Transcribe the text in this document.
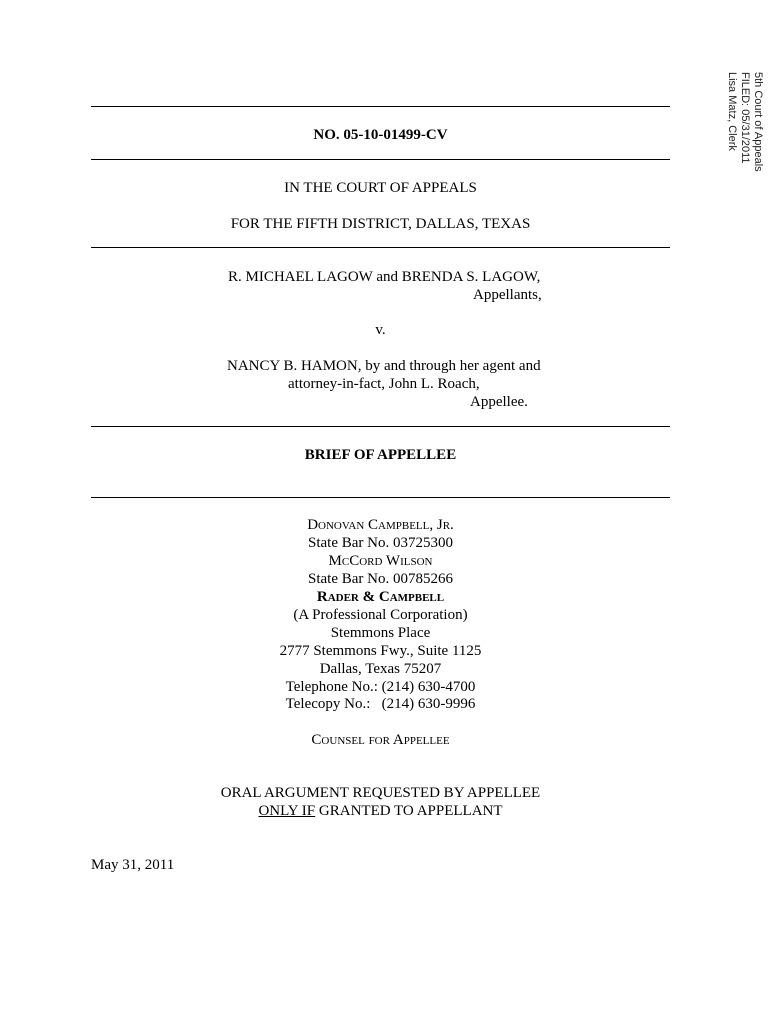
5th Court of Appeals
FILED: 05/31/2011
Lisa Matz, Clerk
NO. 05-10-01499-CV
IN THE COURT OF APPEALS
FOR THE FIFTH DISTRICT, DALLAS, TEXAS
R. MICHAEL LAGOW and BRENDA S. LAGOW,
Appellants,
v.
NANCY B. HAMON, by and through her agent and
attorney-in-fact, John L. Roach,
Appellee.
BRIEF OF APPELLEE
Donovan Campbell, Jr.
State Bar No. 03725300
McCord Wilson
State Bar No. 00785266
Rader & Campbell
(A Professional Corporation)
Stemmons Place
2777 Stemmons Fwy., Suite 1125
Dallas, Texas 75207
Telephone No.: (214) 630-4700
Telecopy No.:   (214) 630-9996
Counsel for Appellee
ORAL ARGUMENT REQUESTED BY APPELLEE
ONLY IF GRANTED TO APPELLANT
May 31, 2011
